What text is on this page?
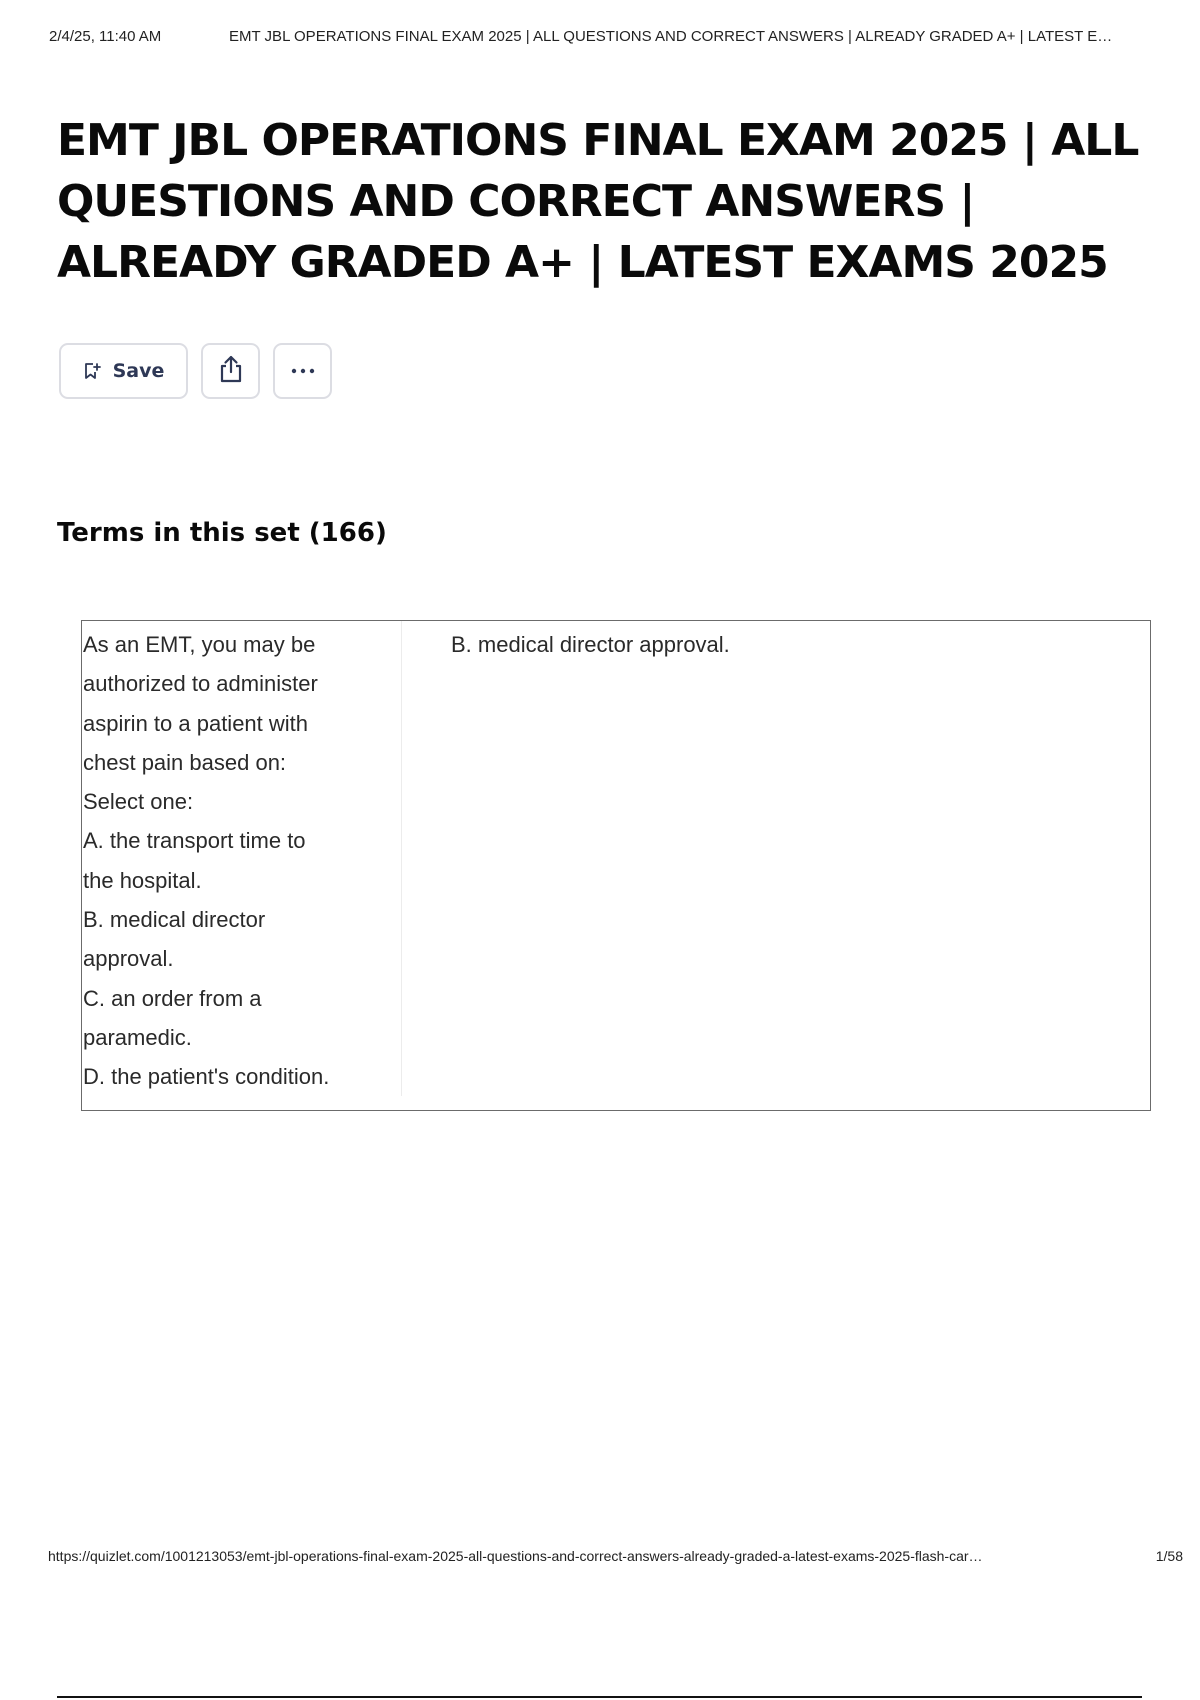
2/4/25, 11:40 AM	EMT JBL OPERATIONS FINAL EXAM 2025 | ALL QUESTIONS AND CORRECT ANSWERS | ALREADY GRADED A+ | LATEST E…
EMT JBL OPERATIONS FINAL EXAM 2025 | ALL
QUESTIONS AND CORRECT ANSWERS |
ALREADY GRADED A+ | LATEST EXAMS 2025
Save
Terms in this set (166)
As an EMT, you may be
authorized to administer
aspirin to a patient with
chest pain based on:
Select one:
A. the transport time to
the hospital.
B. medical director
approval.
C. an order from a
paramedic.
D. the patient's condition.
B. medical director approval.
https://quizlet.com/1001213053/emt-jbl-operations-final-exam-2025-all-questions-and-correct-answers-already-graded-a-latest-exams-2025-flash-car…	1/58
